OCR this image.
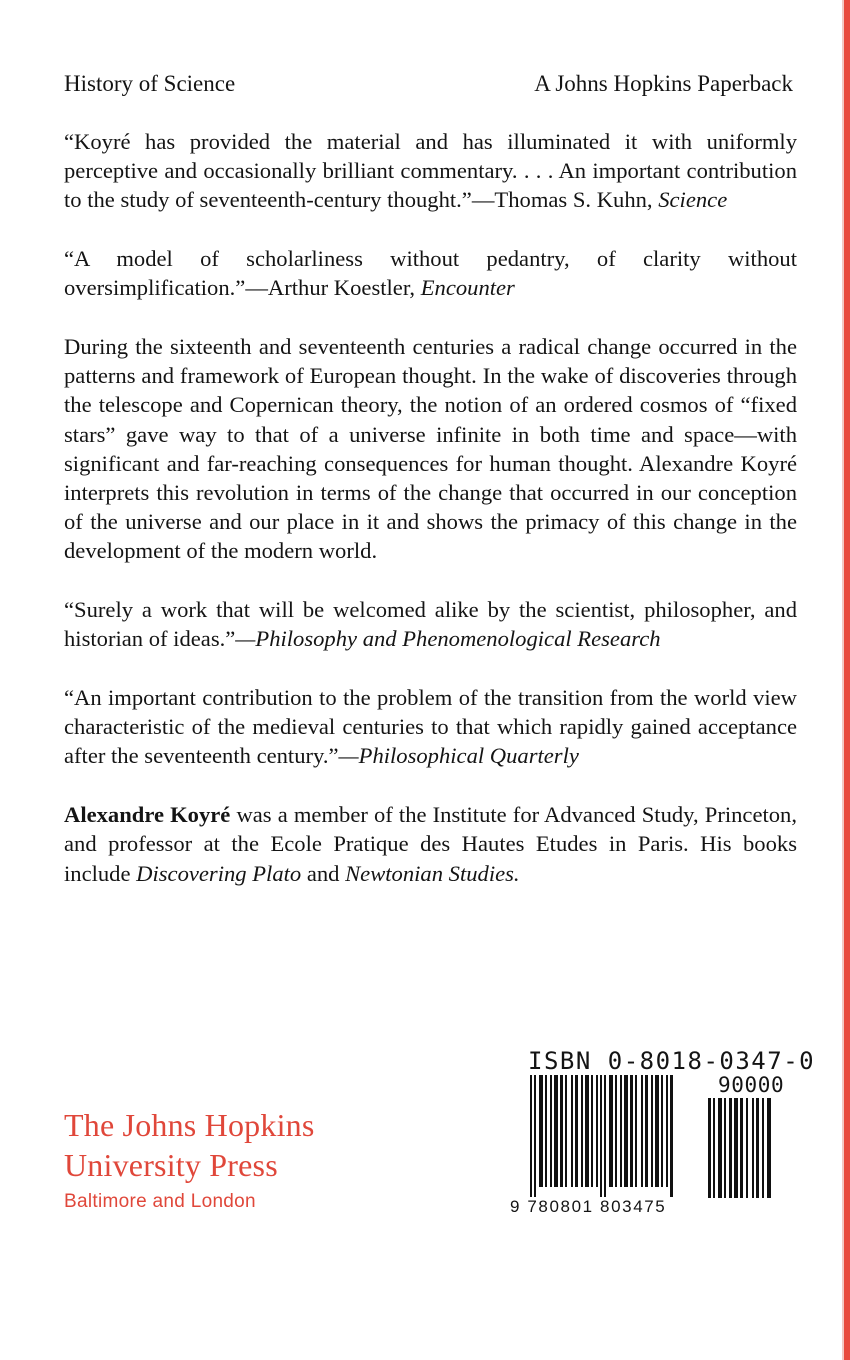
History of Science	A Johns Hopkins Paperback

“Koyré has provided the material and has illuminated it with uniformly perceptive and occasionally brilliant commentary. . . . An important contribution to the study of seventeenth-century thought.”—Thomas S. Kuhn, Science

“A model of scholarliness without pedantry, of clarity without oversimplification.”—Arthur Koestler, Encounter

During the sixteenth and seventeenth centuries a radical change occurred in the patterns and framework of European thought. In the wake of discoveries through the telescope and Copernican theory, the notion of an ordered cosmos of “fixed stars” gave way to that of a universe infinite in both time and space—with significant and far-reaching consequences for human thought. Alexandre Koyré interprets this revolution in terms of the change that occurred in our conception of the universe and our place in it and shows the primacy of this change in the development of the modern world.

“Surely a work that will be welcomed alike by the scientist, philosopher, and historian of ideas.”—Philosophy and Phenomenological Research

“An important contribution to the problem of the transition from the world view characteristic of the medieval centuries to that which rapidly gained acceptance after the seventeenth century.”—Philosophical Quarterly

Alexandre Koyré was a member of the Institute for Advanced Study, Princeton, and professor at the Ecole Pratique des Hautes Etudes in Paris. His books include Discovering Plato and Newtonian Studies.

The Johns Hopkins
University Press
Baltimore and London
ISBN 0-8018-0347-0
90000
9 780801 803475
